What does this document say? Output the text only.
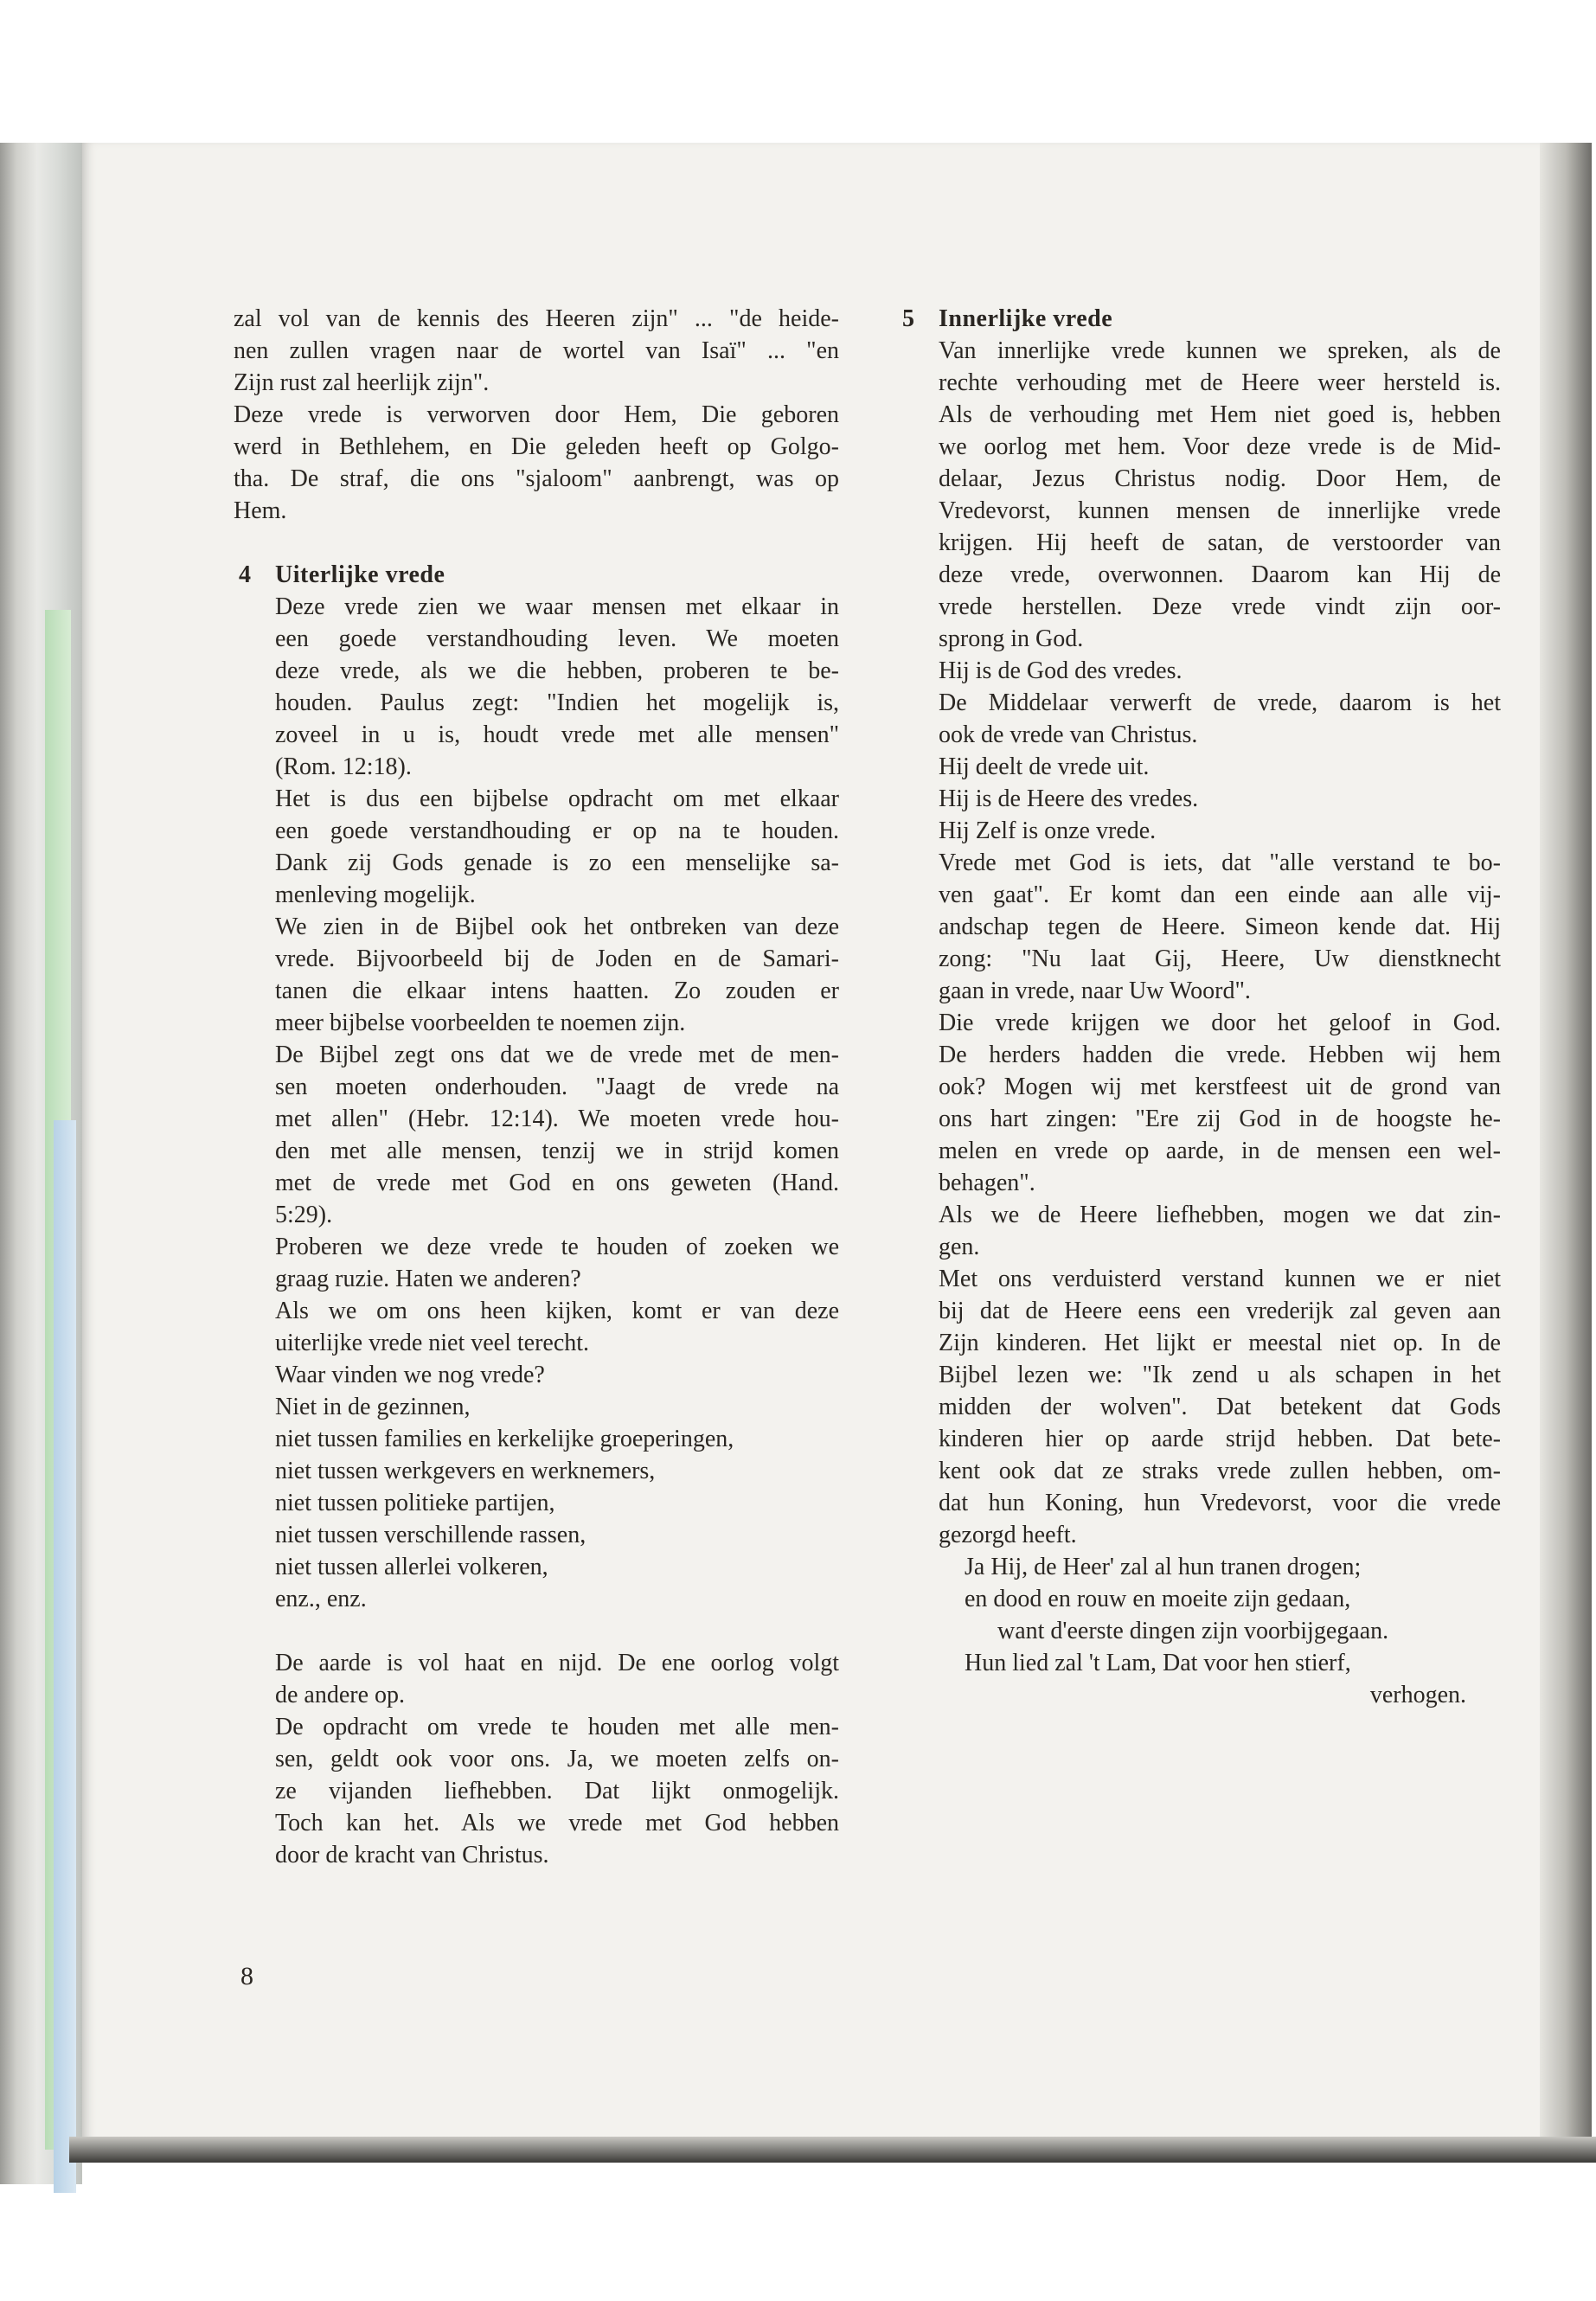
zal vol van de kennis des Heeren zijn" ... "de heide-
nen zullen vragen naar de wortel van Isaï" ... "en
Zijn rust zal heerlijk zijn".
Deze vrede is verworven door Hem, Die geboren
werd in Bethlehem, en Die geleden heeft op Golgo-
tha. De straf, die ons "sjaloom" aanbrengt, was op
Hem.
4 Uiterlijke vrede
Deze vrede zien we waar mensen met elkaar in
een goede verstandhouding leven. We moeten
deze vrede, als we die hebben, proberen te be-
houden. Paulus zegt: "Indien het mogelijk is,
zoveel in u is, houdt vrede met alle mensen"
(Rom. 12:18).
Het is dus een bijbelse opdracht om met elkaar
een goede verstandhouding er op na te houden.
Dank zij Gods genade is zo een menselijke sa-
menleving mogelijk.
We zien in de Bijbel ook het ontbreken van deze
vrede. Bijvoorbeeld bij de Joden en de Samari-
tanen die elkaar intens haatten. Zo zouden er
meer bijbelse voorbeelden te noemen zijn.
De Bijbel zegt ons dat we de vrede met de men-
sen moeten onderhouden. "Jaagt de vrede na
met allen" (Hebr. 12:14). We moeten vrede hou-
den met alle mensen, tenzij we in strijd komen
met de vrede met God en ons geweten (Hand.
5:29).
Proberen we deze vrede te houden of zoeken we
graag ruzie. Haten we anderen?
Als we om ons heen kijken, komt er van deze
uiterlijke vrede niet veel terecht.
Waar vinden we nog vrede?
Niet in de gezinnen,
niet tussen families en kerkelijke groeperingen,
niet tussen werkgevers en werknemers,
niet tussen politieke partijen,
niet tussen verschillende rassen,
niet tussen allerlei volkeren,
enz., enz.
De aarde is vol haat en nijd. De ene oorlog volgt
de andere op.
De opdracht om vrede te houden met alle men-
sen, geldt ook voor ons. Ja, we moeten zelfs on-
ze vijanden liefhebben. Dat lijkt onmogelijk.
Toch kan het. Als we vrede met God hebben
door de kracht van Christus.
5 Innerlijke vrede
Van innerlijke vrede kunnen we spreken, als de
rechte verhouding met de Heere weer hersteld is.
Als de verhouding met Hem niet goed is, hebben
we oorlog met hem. Voor deze vrede is de Mid-
delaar, Jezus Christus nodig. Door Hem, de
Vredevorst, kunnen mensen de innerlijke vrede
krijgen. Hij heeft de satan, de verstoorder van
deze vrede, overwonnen. Daarom kan Hij de
vrede herstellen. Deze vrede vindt zijn oor-
sprong in God.
Hij is de God des vredes.
De Middelaar verwerft de vrede, daarom is het
ook de vrede van Christus.
Hij deelt de vrede uit.
Hij is de Heere des vredes.
Hij Zelf is onze vrede.
Vrede met God is iets, dat "alle verstand te bo-
ven gaat". Er komt dan een einde aan alle vij-
andschap tegen de Heere. Simeon kende dat. Hij
zong: "Nu laat Gij, Heere, Uw dienstknecht
gaan in vrede, naar Uw Woord".
Die vrede krijgen we door het geloof in God.
De herders hadden die vrede. Hebben wij hem
ook? Mogen wij met kerstfeest uit de grond van
ons hart zingen: "Ere zij God in de hoogste he-
melen en vrede op aarde, in de mensen een wel-
behagen".
Als we de Heere liefhebben, mogen we dat zin-
gen.
Met ons verduisterd verstand kunnen we er niet
bij dat de Heere eens een vrederijk zal geven aan
Zijn kinderen. Het lijkt er meestal niet op. In de
Bijbel lezen we: "Ik zend u als schapen in het
midden der wolven". Dat betekent dat Gods
kinderen hier op aarde strijd hebben. Dat bete-
kent ook dat ze straks vrede zullen hebben, om-
dat hun Koning, hun Vredevorst, voor die vrede
gezorgd heeft.
Ja Hij, de Heer' zal al hun tranen drogen;
en dood en rouw en moeite zijn gedaan,
want d'eerste dingen zijn voorbijgegaan.
Hun lied zal 't Lam, Dat voor hen stierf,
verhogen.
8
